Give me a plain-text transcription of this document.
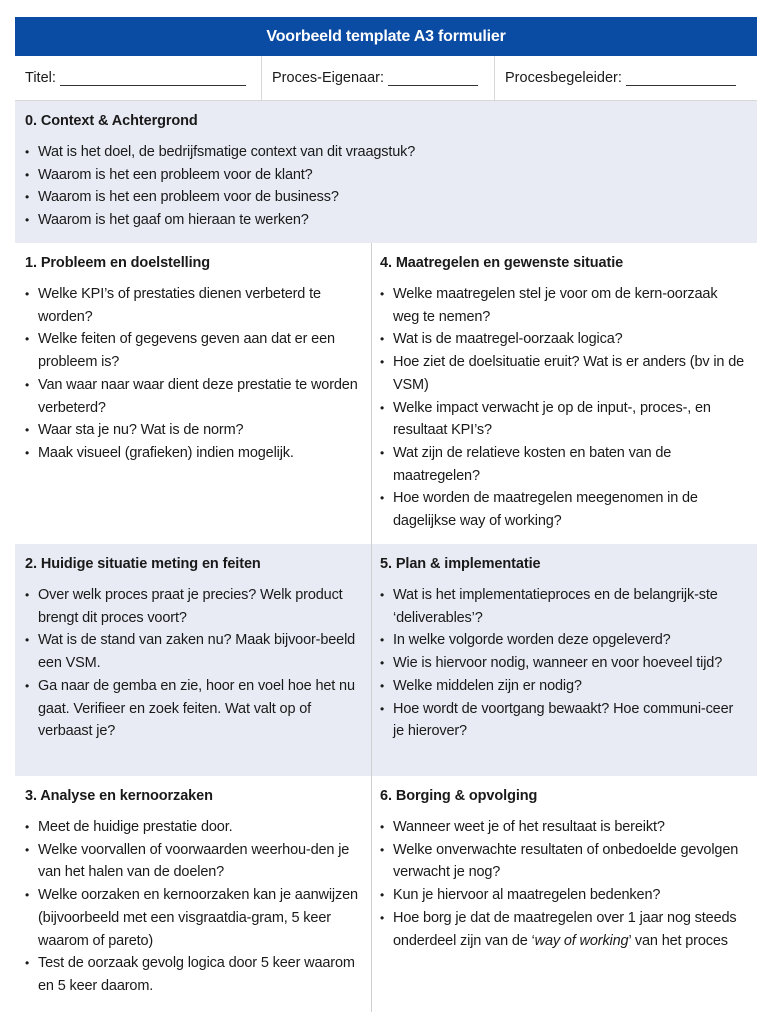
Voorbeeld template A3 formulier
Titel:	Proces-Eigenaar:	Procesbegeleider:
0. Context & Achtergrond
• Wat is het doel, de bedrijfsmatige context van dit vraagstuk?
• Waarom is het een probleem voor de klant?
• Waarom is het een probleem voor de business?
• Waarom is het gaaf om hieraan te werken?
1. Probleem en doelstelling
• Welke KPI’s of prestaties dienen verbeterd te worden?
• Welke feiten of gegevens geven aan dat er een probleem is?
• Van waar naar waar dient deze prestatie te worden verbeterd?
• Waar sta je nu? Wat is de norm?
• Maak visueel (grafieken) indien mogelijk.
4. Maatregelen en gewenste situatie
• Welke maatregelen stel je voor om de kern-oorzaak weg te nemen?
• Wat is de maatregel-oorzaak logica?
• Hoe ziet de doelsituatie eruit? Wat is er anders (bv in de VSM)
• Welke impact verwacht je op de input-, proces-, en resultaat KPI’s?
• Wat zijn de relatieve kosten en baten van de maatregelen?
• Hoe worden de maatregelen meegenomen in de dagelijkse way of working?
2. Huidige situatie meting en feiten
• Over welk proces praat je precies? Welk product brengt dit proces voort?
• Wat is de stand van zaken nu? Maak bijvoor-beeld een VSM.
• Ga naar de gemba en zie, hoor en voel hoe het nu gaat. Verifieer en zoek feiten. Wat valt op of verbaast je?
5. Plan & implementatie
• Wat is het implementatieproces en de belangrijk-ste ‘deliverables’?
• In welke volgorde worden deze opgeleverd?
• Wie is hiervoor nodig, wanneer en voor hoeveel tijd?
• Welke middelen zijn er nodig?
• Hoe wordt de voortgang bewaakt? Hoe communi-ceer je hierover?
3. Analyse en kernoorzaken
• Meet de huidige prestatie door.
• Welke voorvallen of voorwaarden weerhou-den je van het halen van de doelen?
• Welke oorzaken en kernoorzaken kan je aanwijzen (bijvoorbeeld met een visgraatdia-gram, 5 keer waarom of pareto)
• Test de oorzaak gevolg logica door 5 keer waarom en 5 keer daarom.
6. Borging & opvolging
• Wanneer weet je of het resultaat is bereikt?
• Welke onverwachte resultaten of onbedoelde gevolgen verwacht je nog?
• Kun je hiervoor al maatregelen bedenken?
• Hoe borg je dat de maatregelen over 1 jaar nog steeds onderdeel zijn van de ‘way of working’ van het proces
